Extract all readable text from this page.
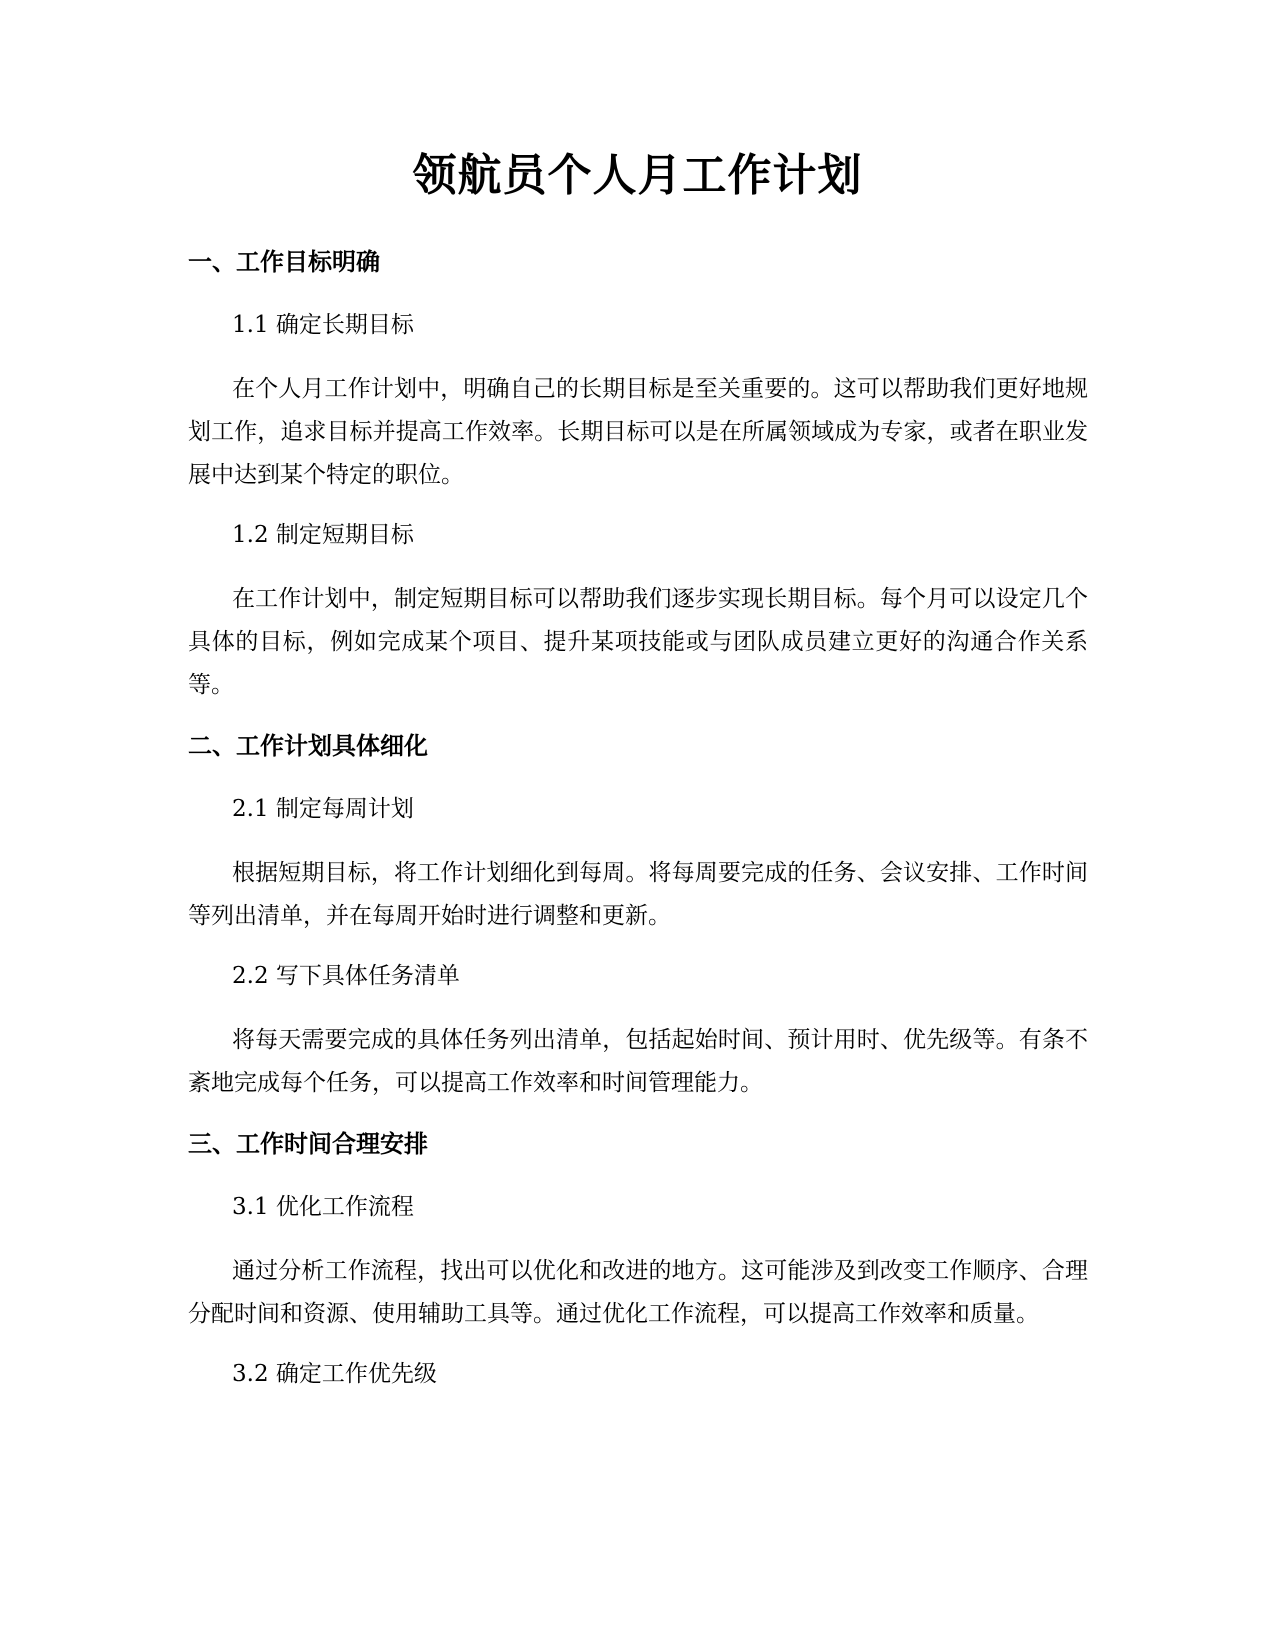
领航员个人月工作计划
一、工作目标明确
1.1 确定长期目标

在个人月工作计划中，明确自己的长期目标是至关重要的。这可以帮助我们更好地规划工作，追求目标并提高工作效率。长期目标可以是在所属领域成为专家，或者在职业发展中达到某个特定的职位。

1.2 制定短期目标

在工作计划中，制定短期目标可以帮助我们逐步实现长期目标。每个月可以设定几个具体的目标，例如完成某个项目、提升某项技能或与团队成员建立更好的沟通合作关系等。

二、工作计划具体细化
2.1 制定每周计划

根据短期目标，将工作计划细化到每周。将每周要完成的任务、会议安排、工作时间等列出清单，并在每周开始时进行调整和更新。

2.2 写下具体任务清单

将每天需要完成的具体任务列出清单，包括起始时间、预计用时、优先级等。有条不紊地完成每个任务，可以提高工作效率和时间管理能力。

三、工作时间合理安排
3.1 优化工作流程

通过分析工作流程，找出可以优化和改进的地方。这可能涉及到改变工作顺序、合理分配时间和资源、使用辅助工具等。通过优化工作流程，可以提高工作效率和质量。

3.2 确定工作优先级
